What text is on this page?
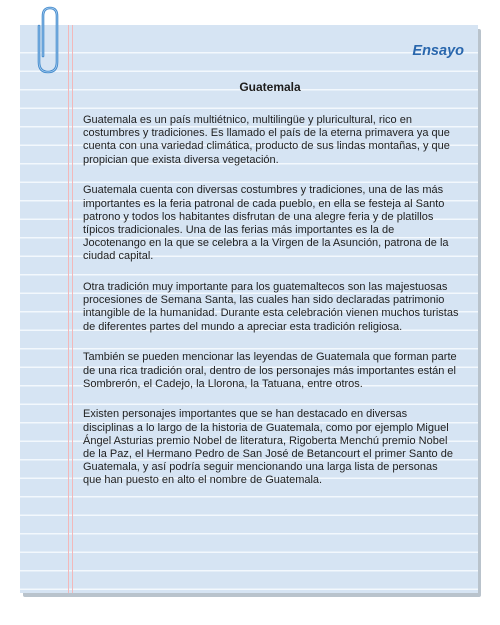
Ensayo
Guatemala

Guatemala es un país multiétnico, multilingüe y pluricultural, rico en costumbres y tradiciones. Es llamado el país de la eterna primavera ya que cuenta con una variedad climática, producto de sus lindas montañas, y que propician que exista diversa vegetación.

Guatemala cuenta con diversas costumbres y tradiciones, una de las más importantes es la feria patronal de cada pueblo, en ella se festeja al Santo patrono y todos los habitantes disfrutan de una alegre feria y de platillos típicos tradicionales. Una de las ferias más importantes es la de Jocotenango en la que se celebra a la Virgen de la Asunción, patrona de la ciudad capital.

Otra tradición muy importante para los guatemaltecos son las majestuosas procesiones de Semana Santa, las cuales han sido declaradas patrimonio intangible de la humanidad. Durante esta celebración vienen muchos turistas de diferentes partes del mundo a apreciar esta tradición religiosa.

También se pueden mencionar las leyendas de Guatemala que forman parte de una rica tradición oral, dentro de los personajes más importantes están el Sombrerón, el Cadejo, la Llorona, la Tatuana, entre otros.

Existen personajes importantes que se han destacado en diversas disciplinas a lo largo de la historia de Guatemala, como por ejemplo Miguel Ángel Asturias premio Nobel de literatura, Rigoberta Menchú premio Nobel de la Paz, el Hermano Pedro de San José de Betancourt el primer Santo de Guatemala, y así podría seguir mencionando una larga lista de personas que han puesto en alto el nombre de Guatemala.
